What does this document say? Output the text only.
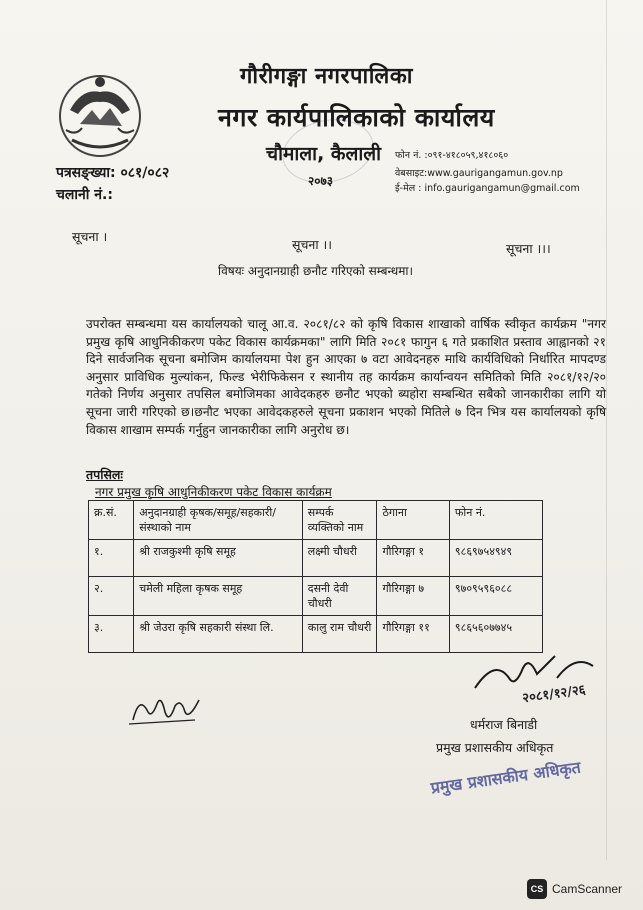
गौरीगङ्गा नगरपालिका
नगर कार्यपालिकाको कार्यालय
चौमाला, कैलाली
२०७३
फोन नं. :०९१-४१८०५९,४१८०६०
वेबसाइट:www.gaurigangamun.gov.np
ई-मेल : info.gaurigangamun@gmail.com
पत्रसङ्ख्या: ०८१/०८२
चलानी नं.:
सूचना ।
सूचना ।।	सूचना ।।।
विषयः अनुदानग्राही छनौट गरिएको सम्बन्धमा।
उपरोक्त सम्बन्धमा यस कार्यालयको चालू आ.व. २०८१/८२ को कृषि विकास शाखाको वार्षिक स्वीकृत कार्यक्रम "नगर प्रमुख कृषि आधुनिकीकरण पकेट विकास कार्यक्रमका" लागि मिति २०८१ फागुन ६ गते प्रकाशित प्रस्ताव आह्वानको २१ दिने सार्वजनिक सूचना बमोजिम कार्यालयमा पेश हुन आएका ७ वटा आवेदनहरु माथि कार्यविधिको निर्धारित मापदण्ड अनुसार प्राविधिक मुल्यांकन, फिल्ड भेरीफिकेसन र स्थानीय तह कार्यक्रम कार्यान्वयन समितिको मिति २०८१/१२/२० गतेको निर्णय अनुसार तपसिल बमोजिमका आवेदकहरु छनौट भएको ब्यहोरा सम्बन्धित सबैको जानकारीका लागि यो सूचना जारी गरिएको छ।छनौट भएका आवेदकहरुले सूचना प्रकाशन भएको मितिले ७ दिन भित्र यस कार्यालयको कृषि विकास शाखाम सम्पर्क गर्नुहुन जानकारीका लागि अनुरोध छ।
तपसिलः
नगर प्रमुख कृषि आधुनिकीकरण पकेट विकास कार्यक्रम
क्र.सं.	अनुदानग्राही कृषक/समूह/सहकारी/ संस्थाको नाम	सम्पर्क व्यक्तिको नाम	ठेगाना	फोन नं.
१.	श्री राजकुश्मी कृषि समूह	लक्ष्मी चौधरी	गौरिगङ्गा १	९८६९७५४९४९
२.	चमेली महिला कृषक समूह	दसनी देवी चौधरी	गौरिगङ्गा ७	९७०९५९६०८८
३.	श्री जेउरा कृषि सहकारी संस्था लि.	कालु राम चौधरी	गौरिगङ्गा ११	९८६५६०७७४५
२०८१/१२/२६
धर्मराज बिनाडी
प्रमुख प्रशासकीय अधिकृत
प्रमुख प्रशासकीय अधिकृत
CS CamScanner
